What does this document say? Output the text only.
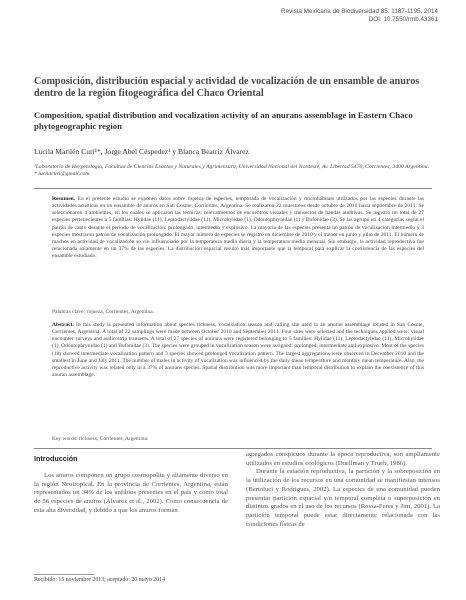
Revista Mexicana de Biodiversidad 85: 1187-1195, 2014
DOI: 10.7550/rmb.43361
Composición, distribución espacial y actividad de vocalización de un ensamble de anuros dentro de la región fitogeográfica del Chaco Oriental
Composition, spatial distribution and vocalization activity of an anurans assemblage in Eastern Chaco phytogeographic region
Lucila Marilén Curi¹*, Jorge Abel Céspedez¹ y Blanca Beatriz Álvarez
¹Laboratorio de Herpetología, Facultad de Ciencias Exactas y Naturales y Agrimensura, Universidad Nacional del Nordeste, Av. Libertad 5470, Corrientes, 3400 Argentina.
* lucilacuri@gmail.com
Resumen. En el presente estudio se exponen datos sobre riqueza de especies, temporada de vocalización y microhábitats utilizados por las especies durante las actividades acústicas en un ensamble de anuros en San Cosme, Corrientes, Argentina. Se realizaron 22 muestreos desde octubre de 2010 hasta septiembre de 2011. Se seleccionaron 4 ambientes, en los cuales se aplicaron las técnicas: relevamientos de encuentros visuales y transectos de bandas auditivas. Se registró un total de 27 especies pertenecientes a 5 familias: Hylidae (11), Leptodactylidae (11), Microhylidae (1), Odontophrynidae (1) y Bufonidae (3). Se las agrupó en 4 categorías según el patrón de canto durante el período de vocalización: prolongado, intermedio y explosivo. La mayoría de las especies presenta un patrón de vocalización intermedio y 3 especies mostraron patrón de vocalización prolongado. El mayor número de especies se registró en diciembre de 2010 y el menor en junio y julio de 2011. El número de machos en actividad de vocalización se vio influenciado por la temperatura media diaria y la temperatura media mensual. Sin embargo, la actividad reproductiva fue relacionada solamente en un 37% de las especies. La distribución espacial resultó más importante que la temporal para explicar la coexistencia de las especies del ensamble estudiado.
Palabras clave: riqueza, Corrientes, Argentina.
Abstract. In this study is presented information about species richness, vocalization season and calling site used in an anuran assemblage located in San Cosme, Corrientes, Argentina. A total of 22 samplings were made between October 2010 and September 2011. Four sites were selected and the techniques applied were: visual encounter surveys and audio strip transects. A total of 27 species of anurans were registered belonging to 5 families: Hylidae (11), Leptodactylidae (11), Microhylidae (1), Odontophrynidae (1) and Bufonidae (3). The species were grouped in vocalization season were assigned: prolonged, intermediate and explosive. Most of the species (18) showed intermediate vocalization pattern and 3 species showed prolonged vocalization pattern. The largest aggregations were observed in December 2010 and the smallest in June and July 2011. The number of males in activity of vocalization was influenced by the daily mean temperature and monthly mean temperature. Also, the reproductive activity was related only in a 37% of anurans species. Spatial distribution was more important than temporal distribution to explain the coexistence of this anuran assemblage.
Key words: richness, Corrientes, Argentina.
Introducción

Los anuros componen un grupo cosmopolita y altamente diverso en la región Neotropical. En la provincia de Corrientes, Argentina, están representados un 34% de los anfibios presentes en el país y como total de 56 especies de anuros (Álvarez et al., 2002). Como consecuencia de esta alta diversidad, y debido a que los anuros forman

agregados conspicuos durante la época reproductiva, son ampliamente utilizados en estudios ecológicos (Duellman y Trueb, 1986).

Durante la estación reproductiva, la partición y la sobreposición en la utilización de los recursos en una comunidad se manifiestan intensos (Bertoluci y Rodrigues, 2002). La especies de una comunidad pueden presentar partición espacial y/o temporal completa o superposición en distintos grados en el uso de los recursos (Rossa-Feres y Jim, 2001). La partición temporal puede estar directamente relacionada con las condiciones físicas de

Recibido: 15 noviembre 2013; aceptado: 20 mayo 2014
